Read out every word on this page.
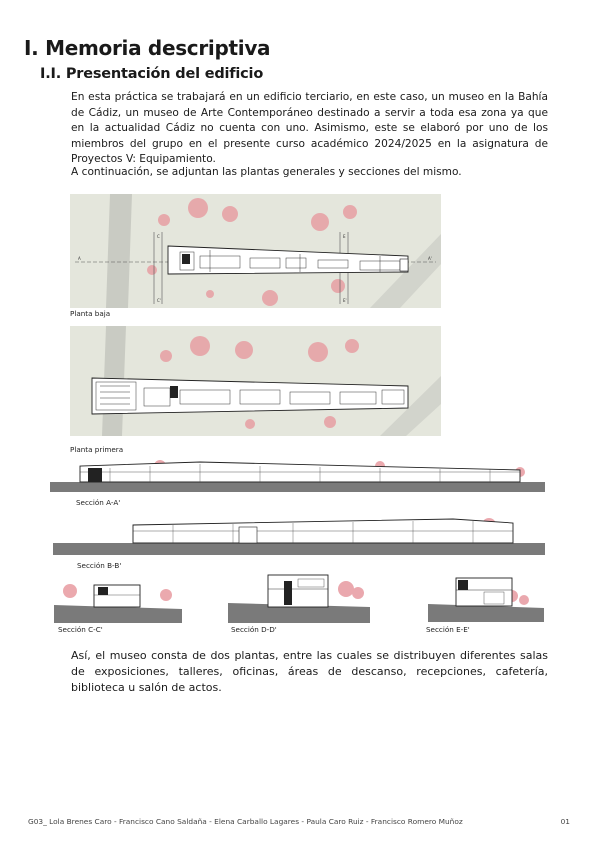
I. Memoria descriptiva
I.I. Presentación del edificio

En esta práctica se trabajará en un edificio terciario, en este caso, un museo en la Bahía de Cádiz, un museo de Arte Contemporáneo destinado a servir a toda esa zona ya que en la actualidad Cádiz no cuenta con uno. Asimismo, este se elaboró por uno de los miembros del grupo en el presente curso académico 2024/2025 en la asignatura de Proyectos V: Equipamiento.

A continuación, se adjuntan las plantas generales y secciones del mismo.

C	E
C'	E'
A	A'
Planta baja
Planta primera
Sección A-A'
Sección B-B'
Sección C-C'	Sección D-D'	Sección E-E'

Así, el museo consta de dos plantas, entre las cuales se distribuyen diferentes salas de exposiciones, talleres, oficinas, áreas de descanso, recepciones, cafetería, biblioteca u salón de actos.

G03_ Lola Brenes Caro - Francisco Cano Saldaña - Elena Carballo Lagares - Paula Caro Ruiz - Francisco Romero Muñoz	01
